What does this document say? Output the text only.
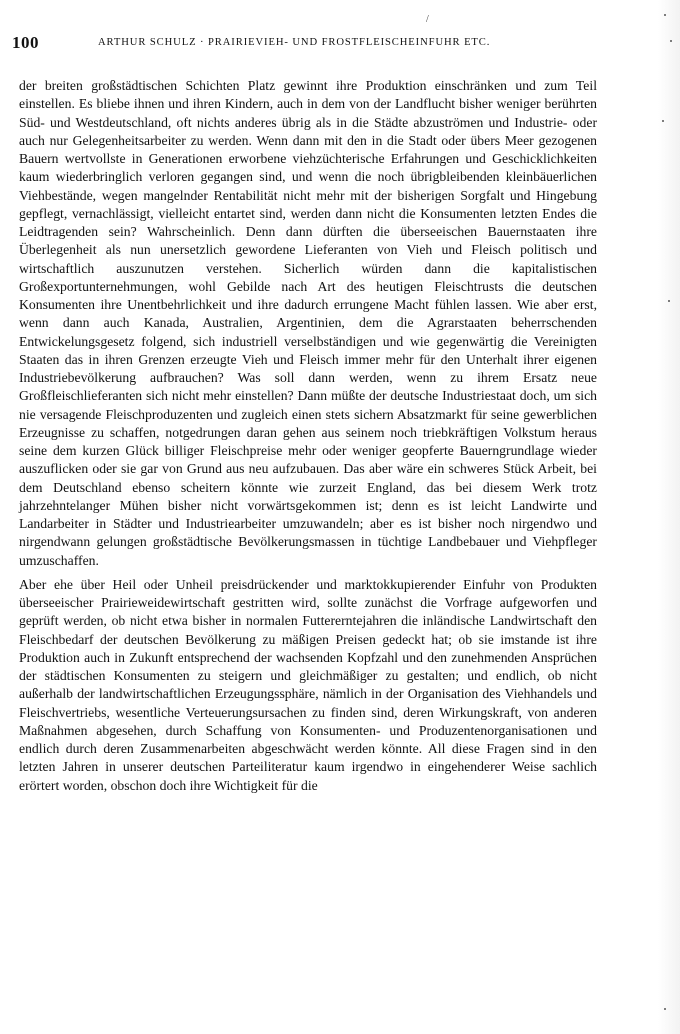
/
100	ARTHUR SCHULZ · PRAIRIEVIEH- UND FROSTFLEISCHEINFUHR ETC.

der breiten großstädtischen Schichten Platz gewinnt ihre Produktion einschränken und zum Teil einstellen. Es bliebe ihnen und ihren Kindern, auch in dem von der Landflucht bisher weniger berührten Süd- und Westdeutschland, oft nichts anderes übrig als in die Städte abzuströmen und Industrie- oder auch nur Gelegenheitsarbeiter zu werden. Wenn dann mit den in die Stadt oder übers Meer gezogenen Bauern wertvollste in Generationen erworbene viehzüchterische Erfahrungen und Geschicklichkeiten kaum wiederbringlich verloren gegangen sind, und wenn die noch übrigbleibenden kleinbäuerlichen Viehbestände, wegen mangelnder Rentabilität nicht mehr mit der bisherigen Sorgfalt und Hingebung gepflegt, vernachlässigt, vielleicht entartet sind, werden dann nicht die Konsumenten letzten Endes die Leidtragenden sein? Wahrscheinlich. Denn dann dürften die überseeischen Bauernstaaten ihre Überlegenheit als nun unersetzlich gewordene Lieferanten von Vieh und Fleisch politisch und wirtschaftlich auszunutzen verstehen. Sicherlich würden dann die kapitalistischen Großexportunternehmungen, wohl Gebilde nach Art des heutigen Fleischtrusts die deutschen Konsumenten ihre Unentbehrlichkeit und ihre dadurch errungene Macht fühlen lassen. Wie aber erst, wenn dann auch Kanada, Australien, Argentinien, dem die Agrarstaaten beherrschenden Entwickelungsgesetz folgend, sich industriell verselbständigen und wie gegenwärtig die Vereinigten Staaten das in ihren Grenzen erzeugte Vieh und Fleisch immer mehr für den Unterhalt ihrer eigenen Industriebevölkerung aufbrauchen? Was soll dann werden, wenn zu ihrem Ersatz neue Großfleischlieferanten sich nicht mehr einstellen? Dann müßte der deutsche Industriestaat doch, um sich nie versagende Fleischproduzenten und zugleich einen stets sichern Absatzmarkt für seine gewerblichen Erzeugnisse zu schaffen, notgedrungen daran gehen aus seinem noch triebkräftigen Volkstum heraus seine dem kurzen Glück billiger Fleischpreise mehr oder weniger geopferte Bauerngrundlage wieder auszuflicken oder sie gar von Grund aus neu aufzubauen. Das aber wäre ein schweres Stück Arbeit, bei dem Deutschland ebenso scheitern könnte wie zurzeit England, das bei diesem Werk trotz jahrzehntelanger Mühen bisher nicht vorwärtsgekommen ist; denn es ist leicht Landwirte und Landarbeiter in Städter und Industriearbeiter umzuwandeln; aber es ist bisher noch nirgendwo und nirgendwann gelungen großstädtische Bevölkerungsmassen in tüchtige Landbebauer und Viehpfleger umzuschaffen.

Aber ehe über Heil oder Unheil preisdrückender und marktokkupierender Einfuhr von Produkten überseeischer Prairieweidewirtschaft gestritten wird, sollte zunächst die Vorfrage aufgeworfen und geprüft werden, ob nicht etwa bisher in normalen Futtererntejahren die inländische Landwirtschaft den Fleischbedarf der deutschen Bevölkerung zu mäßigen Preisen gedeckt hat; ob sie imstande ist ihre Produktion auch in Zukunft entsprechend der wachsenden Kopfzahl und den zunehmenden Ansprüchen der städtischen Konsumenten zu steigern und gleichmäßiger zu gestalten; und endlich, ob nicht außerhalb der landwirtschaftlichen Erzeugungssphäre, nämlich in der Organisation des Viehhandels und Fleischvertriebs, wesentliche Verteuerungsursachen zu finden sind, deren Wirkungskraft, von anderen Maßnahmen abgesehen, durch Schaffung von Konsumenten- und Produzentenorganisationen und endlich durch deren Zusammenarbeiten abgeschwächt werden könnte. All diese Fragen sind in den letzten Jahren in unserer deutschen Parteiliteratur kaum irgendwo in eingehenderer Weise sachlich erörtert worden, obschon doch ihre Wichtigkeit für die
